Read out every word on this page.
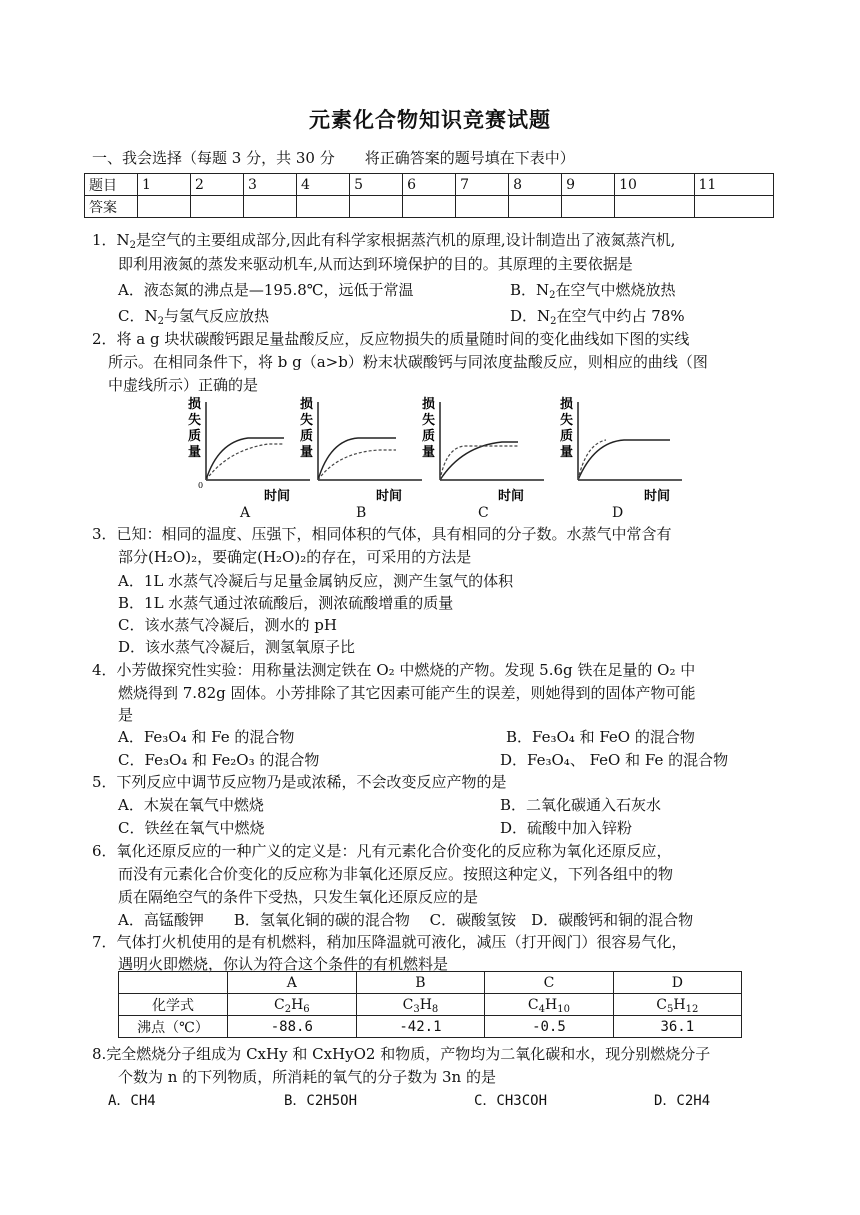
元素化合物知识竞赛试题
一、我会选择（每题 3 分，共 30 分　　将正确答案的题号填在下表中）
题目	1	2	3	4	5	6	7	8	9	10	11
答案											
1．$N_2$是空气的主要组成部分,因此有科学家根据蒸汽机的原理,设计制造出了液氮蒸汽机,
即利用液氮的蒸发来驱动机车,从而达到环境保护的目的。其原理的主要依据是
A．液态氮的沸点是—195.8℃，远低于常温	B．$N_2$在空气中燃烧放热
C．$N_2$与氢气反应放热	D．$N_2$在空气中约占 78%
2．将 a g 块状碳酸钙跟足量盐酸反应，反应物损失的质量随时间的变化曲线如下图的实线
所示。在相同条件下，将 b g（a>b）粉末状碳酸钙与同浓度盐酸反应，则相应的曲线（图
中虚线所示）正确的是
损
失
质
量
0
时间
损
失
质
量
时间
损
失
质
量
时间
损
失
质
量
时间
A	B	C	D
3．已知：相同的温度、压强下，相同体积的气体，具有相同的分子数。水蒸气中常含有
部分(H₂O)₂，要确定(H₂O)₂的存在，可采用的方法是
A．1L 水蒸气冷凝后与足量金属钠反应，测产生氢气的体积
B．1L 水蒸气通过浓硫酸后，测浓硫酸增重的质量
C．该水蒸气冷凝后，测水的 pH
D．该水蒸气冷凝后，测氢氧原子比
4．小芳做探究性实验：用称量法测定铁在 O₂ 中燃烧的产物。发现 5.6g 铁在足量的 O₂ 中
燃烧得到 7.82g 固体。小芳排除了其它因素可能产生的误差，则她得到的固体产物可能
是
A．Fe₃O₄ 和 Fe 的混合物	B．Fe₃O₄ 和 FeO 的混合物
C．Fe₃O₄ 和 Fe₂O₃ 的混合物	D．Fe₃O₄、 FeO 和 Fe 的混合物
5．下列反应中调节反应物乃是或浓稀，不会改变反应产物的是
A．木炭在氧气中燃烧	B．二氧化碳通入石灰水
C．铁丝在氧气中燃烧	D．硫酸中加入锌粉
6．氧化还原反应的一种广义的定义是：凡有元素化合价变化的反应称为氧化还原反应，
而没有元素化合价变化的反应称为非氧化还原反应。按照这种定义，下列各组中的物
质在隔绝空气的条件下受热，只发生氧化还原反应的是
A．高锰酸钾　　B．氢氧化铜的碳的混合物　 C．碳酸氢铵　D．碳酸钙和铜的混合物
7．气体打火机使用的是有机燃料，稍加压降温就可液化，减压（打开阀门）很容易气化，
遇明火即燃烧，你认为符合这个条件的有机燃料是
	A	B	C	D
化学式	$C_2H_6$	$C_3H_8$	$C_4H_{10}$	$C_5H_{12}$
沸点（℃）	-88.6	-42.1	-0.5	36.1
8.完全燃烧分子组成为 CxHy 和 CxHyO2 和物质，产物均为二氧化碳和水，现分别燃烧分子
个数为 n 的下列物质，所消耗的氧气的分子数为 3n 的是
A．CH4	B．C2H5OH	C．CH3COH	D．C2H4
